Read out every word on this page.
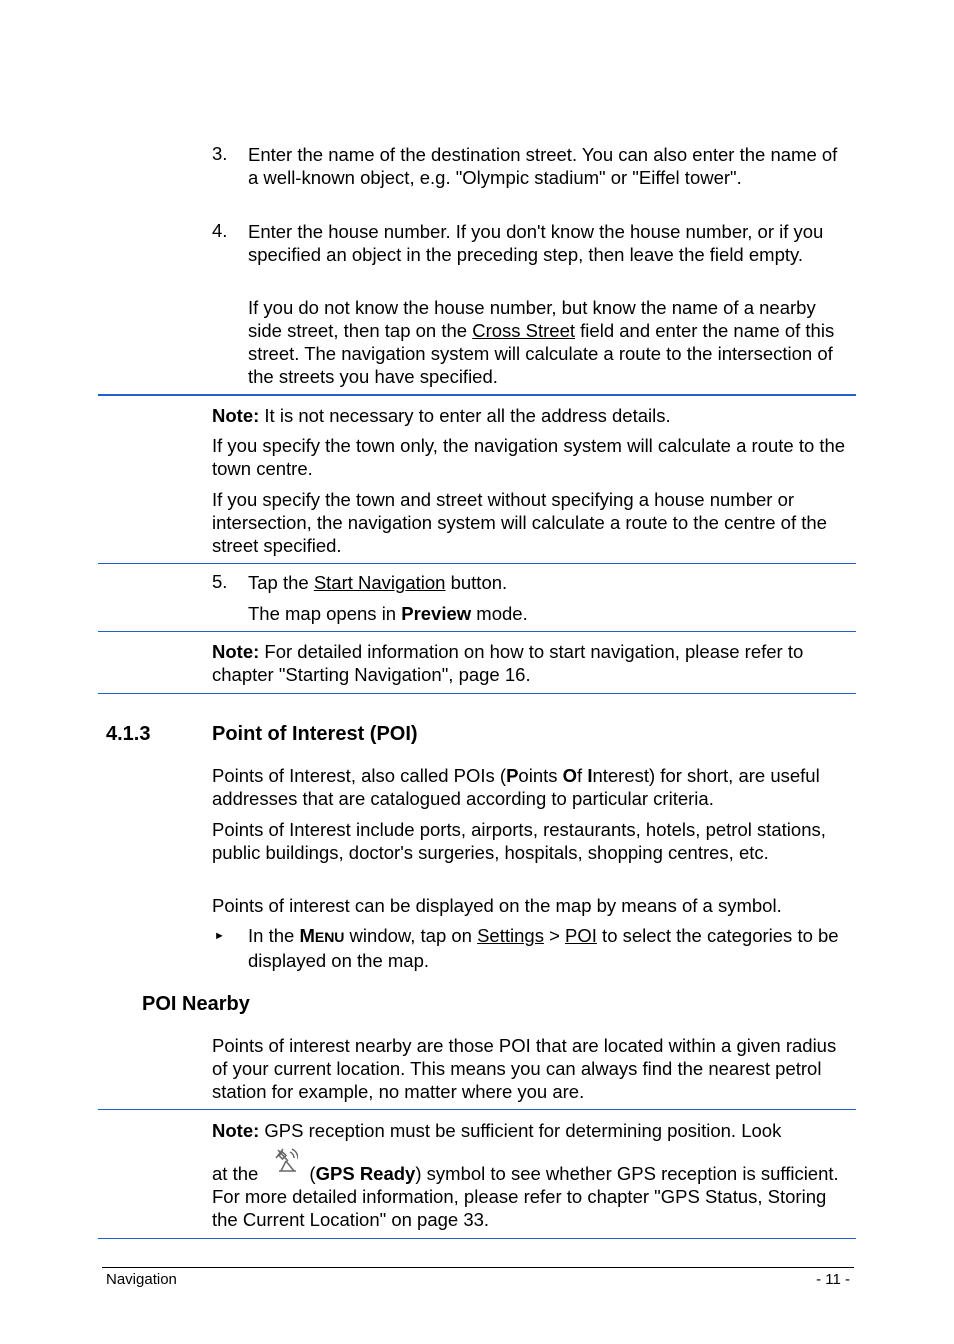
3.	Enter the name of the destination street. You can also enter the name of a well-known object, e.g. "Olympic stadium" or "Eiffel tower".

4.	Enter the house number. If you don't know the house number, or if you specified an object in the preceding step, then leave the field empty.

If you do not know the house number, but know the name of a nearby side street, then tap on the Cross Street field and enter the name of this street. The navigation system will calculate a route to the intersection of the streets you have specified.

Note: It is not necessary to enter all the address details.

If you specify the town only, the navigation system will calculate a route to the town centre.

If you specify the town and street without specifying a house number or intersection, the navigation system will calculate a route to the centre of the street specified.

5.	Tap the Start Navigation button.

The map opens in Preview mode.

Note: For detailed information on how to start navigation, please refer to chapter "Starting Navigation", page 16.

4.1.3	Point of Interest (POI)

Points of Interest, also called POIs (Points Of Interest) for short, are useful addresses that are catalogued according to particular criteria.

Points of Interest include ports, airports, restaurants, hotels, petrol stations, public buildings, doctor's surgeries, hospitals, shopping centres, etc.

Points of interest can be displayed on the map by means of a symbol.

► In the MENU window, tap on Settings > POI to select the categories to be displayed on the map.

POI Nearby

Points of interest nearby are those POI that are located within a given radius of your current location. This means you can always find the nearest petrol station for example, no matter where you are.

Note: GPS reception must be sufficient for determining position. Look

at the (GPS Ready) symbol to see whether GPS reception is sufficient. For more detailed information, please refer to chapter "GPS Status, Storing the Current Location" on page 33.

Navigation	- 11 -
